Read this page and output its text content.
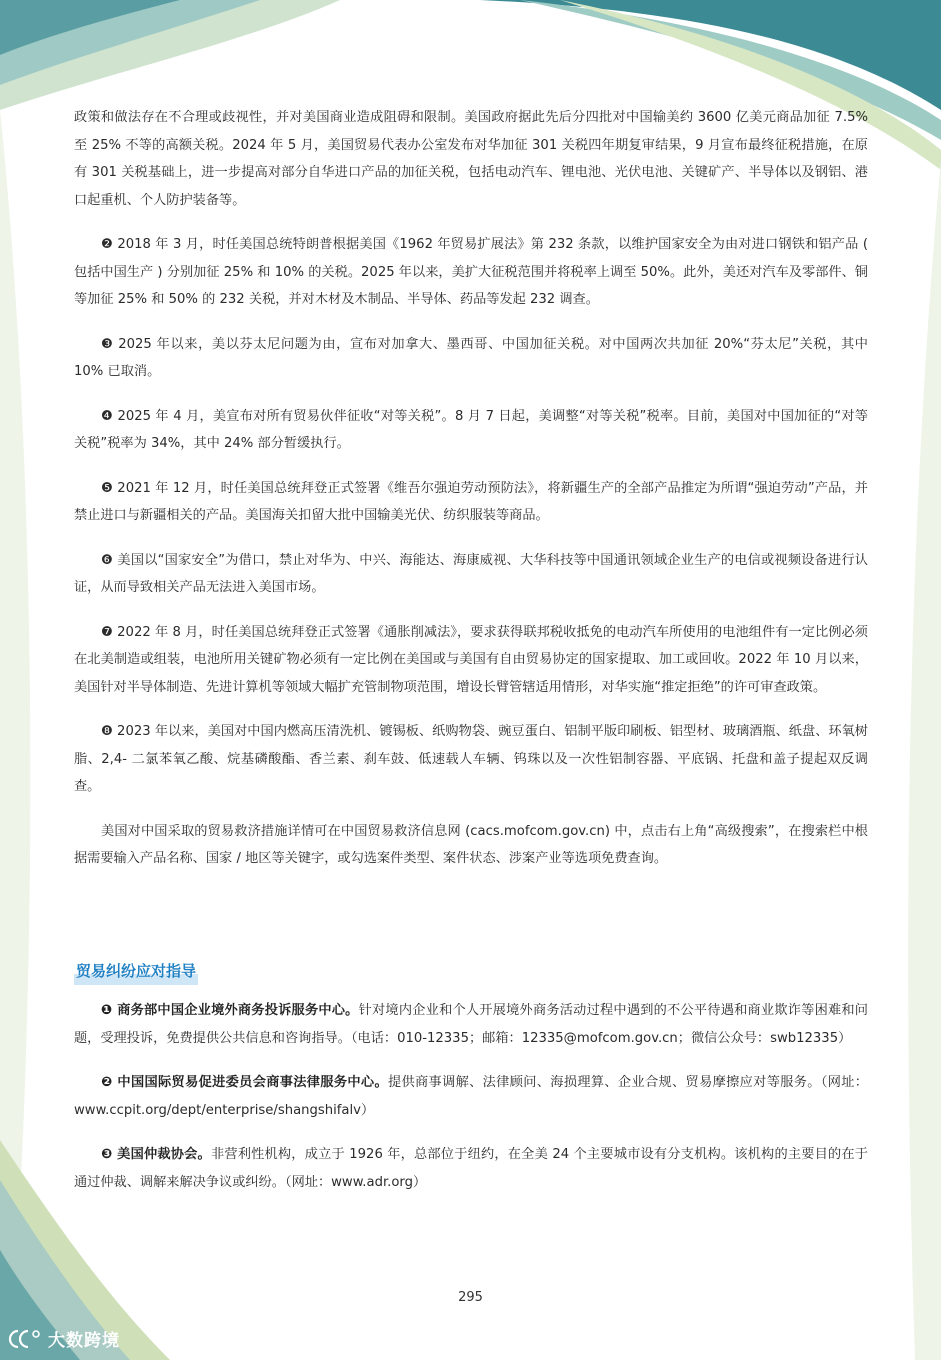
政策和做法存在不合理或歧视性，并对美国商业造成阻碍和限制。美国政府据此先后分四批对中国输美约 3600 亿美元商品加征 7.5% 至 25% 不等的高额关税。2024 年 5 月，美国贸易代表办公室发布对华加征 301 关税四年期复审结果，9 月宣布最终征税措施，在原有 301 关税基础上，进一步提高对部分自华进口产品的加征关税，包括电动汽车、锂电池、光伏电池、关键矿产、半导体以及钢铝、港口起重机、个人防护装备等。

❷ 2018 年 3 月，时任美国总统特朗普根据美国《1962 年贸易扩展法》第 232 条款，以维护国家安全为由对进口钢铁和铝产品 ( 包括中国生产 ) 分别加征 25% 和 10% 的关税。2025 年以来，美扩大征税范围并将税率上调至 50%。此外，美还对汽车及零部件、铜等加征 25% 和 50% 的 232 关税，并对木材及木制品、半导体、药品等发起 232 调查。

❸ 2025 年以来，美以芬太尼问题为由，宣布对加拿大、墨西哥、中国加征关税。对中国两次共加征 20%“芬太尼”关税，其中 10% 已取消。

❹ 2025 年 4 月，美宣布对所有贸易伙伴征收“对等关税”。8 月 7 日起，美调整“对等关税”税率。目前，美国对中国加征的“对等关税”税率为 34%，其中 24% 部分暂缓执行。

❺ 2021 年 12 月，时任美国总统拜登正式签署《维吾尔强迫劳动预防法》，将新疆生产的全部产品推定为所谓“强迫劳动”产品，并禁止进口与新疆相关的产品。美国海关扣留大批中国输美光伏、纺织服装等商品。

❻ 美国以“国家安全”为借口，禁止对华为、中兴、海能达、海康威视、大华科技等中国通讯领域企业生产的电信或视频设备进行认证，从而导致相关产品无法进入美国市场。

❼ 2022 年 8 月，时任美国总统拜登正式签署《通胀削减法》，要求获得联邦税收抵免的电动汽车所使用的电池组件有一定比例必须在北美制造或组装，电池所用关键矿物必须有一定比例在美国或与美国有自由贸易协定的国家提取、加工或回收。2022 年 10 月以来，美国针对半导体制造、先进计算机等领域大幅扩充管制物项范围，增设长臂管辖适用情形，对华实施“推定拒绝”的许可审查政策。

❽ 2023 年以来，美国对中国内燃高压清洗机、镀锡板、纸购物袋、豌豆蛋白、铝制平版印刷板、铝型材、玻璃酒瓶、纸盘、环氧树脂、2,4- 二氯苯氧乙酸、烷基磷酸酯、香兰素、刹车鼓、低速载人车辆、钨珠以及一次性铝制容器、平底锅、托盘和盖子提起双反调查。

美国对中国采取的贸易救济措施详情可在中国贸易救济信息网 (cacs.mofcom.gov.cn) 中，点击右上角“高级搜索”，在搜索栏中根据需要输入产品名称、国家 / 地区等关键字，或勾选案件类型、案件状态、涉案产业等选项免费查询。

贸易纠纷应对指导

❶ 商务部中国企业境外商务投诉服务中心。针对境内企业和个人开展境外商务活动过程中遇到的不公平待遇和商业欺诈等困难和问题，受理投诉，免费提供公共信息和咨询指导。（电话：010-12335；邮箱：12335@mofcom.gov.cn；微信公众号：swb12335）

❷ 中国国际贸易促进委员会商事法律服务中心。提供商事调解、法律顾问、海损理算、企业合规、贸易摩擦应对等服务。（网址：www.ccpit.org/dept/enterprise/shangshifalv）

❸ 美国仲裁协会。非营利性机构，成立于 1926 年，总部位于纽约，在全美 24 个主要城市设有分支机构。该机构的主要目的在于通过仲裁、调解来解决争议或纠纷。（网址：www.adr.org）

295
大数跨境
